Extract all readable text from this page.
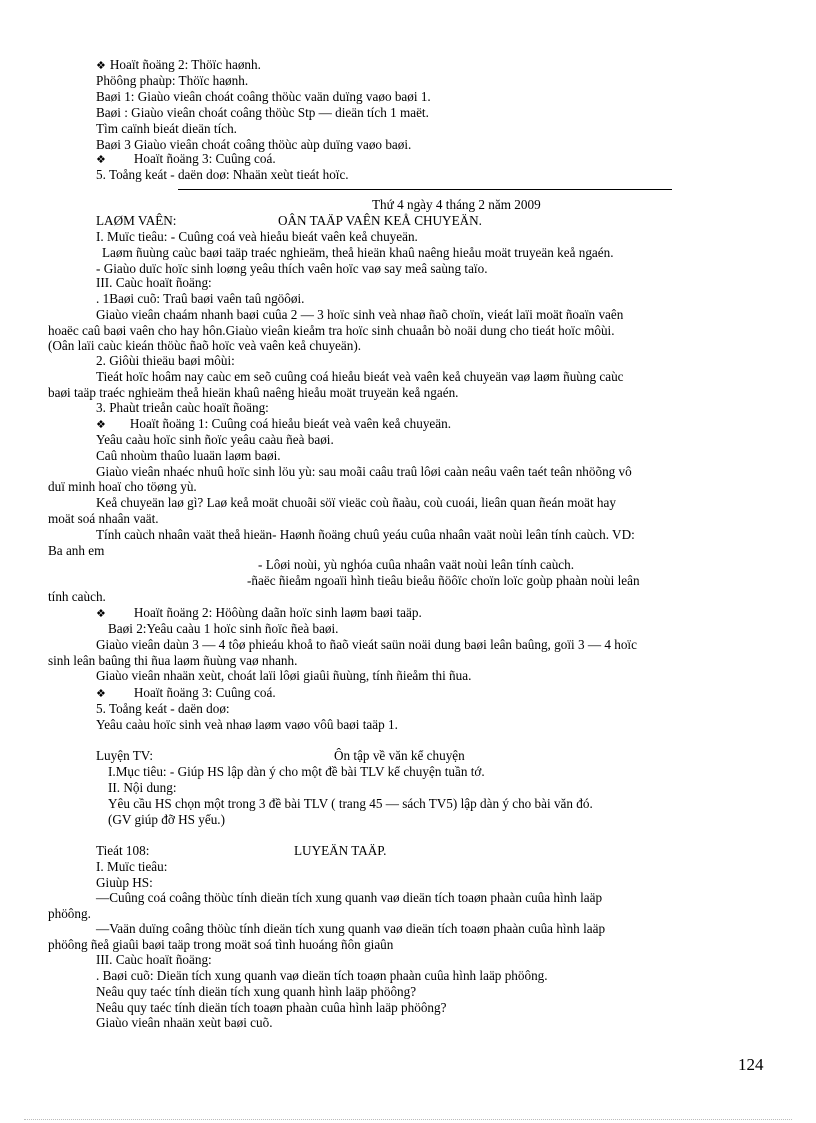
❖ Hoaït ñoäng 2: Thöïc haønh.
Phöông phaùp: Thöïc haønh.
Baøi 1: Giaùo vieân choát coâng thöùc vaän duïng vaøo baøi 1.
Baøi : Giaùo vieân choát coâng thöùc Stp — dieän tích 1 maët.
Tìm caïnh bieát dieän tích.
Baøi 3 Giaùo vieân choát coâng thöùc aùp duïng vaøo baøi.
❖ Hoaït ñoäng 3: Cuûng coá.
5. Toång keát - daën doø: Nhaän xeùt tieát hoïc.
Thứ 4 ngày 4 tháng 2 năm 2009
LAØM VAÊN:	OÂN TAÄP VAÊN KEÅ CHUYEÄN.
I. Muïc tieâu: - Cuûng coá veà hieåu bieát vaên keå chuyeän.
Laøm ñuùng caùc baøi taäp traéc nghieäm, theå hieän khaû naêng hieåu moät truyeän keå ngaén.
- Giaùo duïc hoïc sinh loøng yeâu thích vaên hoïc vaø say meâ saùng taïo.
III. Caùc hoaït ñoäng:
. 1Baøi cuõ: Traû baøi vaên taû ngöôøi.
Giaùo vieân chaám nhanh baøi cuûa 2 — 3 hoïc sinh veà nhaø ñaõ choïn, vieát laïi moät ñoaïn vaên
hoaëc caû baøi vaên cho hay hôn.Giaùo vieân kieåm tra hoïc sinh chuaån bò noäi dung cho tieát hoïc môùi.
(Oân laïi caùc kieán thöùc ñaõ hoïc veà vaên keå chuyeän).
2. Giôùi thieäu baøi môùi:
Tieát hoïc hoâm nay caùc em seõ cuûng coá hieåu bieát veà vaên keå chuyeän vaø laøm ñuùng caùc
baøi taäp traéc nghieäm theå hieän khaû naêng hieåu moät truyeän keå ngaén.
3. Phaùt trieån caùc hoaït ñoäng:
❖ Hoaït ñoäng 1: Cuûng coá hieåu bieát veà vaên keå chuyeän.
Yeâu caàu hoïc sinh ñoïc yeâu caàu ñeà baøi.
Caû nhoùm thaûo luaän laøm baøi.
Giaùo vieân nhaéc nhuû hoïc sinh löu yù: sau moãi caâu traû lôøi caàn neâu vaên taét teân nhöõng vô
duï minh hoaï cho töøng yù.
Keå chuyeän laø gì? Laø keå moät chuoãi söï vieäc coù ñaàu, coù cuoái, lieân quan ñeán moät hay
moät soá nhaân vaät.
Tính caùch nhaân vaät theå hieän- Haønh ñoäng chuû yeáu cuûa nhaân vaät noùi leân tính caùch. VD:
Ba anh em
- Lôøi noùi, yù nghóa cuûa nhaân vaät noùi leân tính caùch.
-ñaëc ñieåm ngoaïi hình tieâu bieåu ñöôïc choïn loïc goùp phaàn noùi leân
tính caùch.
❖ Hoaït ñoäng 2: Höôùng daãn hoïc sinh laøm baøi taäp.
Baøi 2:Yeâu caàu 1 hoïc sinh ñoïc ñeà baøi.
Giaùo vieân daùn 3 — 4 tôø phieáu khoå to ñaõ vieát saün noäi dung baøi leân baûng, goïi 3 — 4 hoïc
sinh leân baûng thi ñua laøm ñuùng vaø nhanh.
Giaùo vieân nhaän xeùt, choát laïi lôøi giaûi ñuùng, tính ñieåm thi ñua.
❖ Hoaït ñoäng 3: Cuûng coá.
5. Toång keát - daën doø:
Yeâu caàu hoïc sinh veà nhaø laøm vaøo vôû baøi taäp 1.
Luyện TV:	Ôn tập về văn kể chuyện
I.Mục tiêu: - Giúp HS lập dàn ý cho một đề bài TLV kể chuyện tuần tớ.
II. Nội dung:
Yêu cầu HS chọn một trong 3 đề bài TLV ( trang 45 — sách TV5) lập dàn ý cho bài văn đó.
(GV giúp đỡ HS yếu.)
Tieát 108:	LUYEÄN TAÄP.
I. Muïc tieâu:
Giuùp HS:
—Cuûng coá coâng thöùc tính dieän tích xung quanh vaø dieän tích toaøn phaàn cuûa hình laäp
phöông.
—Vaän duïng coâng thöùc tính dieän tích xung quanh vaø dieän tích toaøn phaàn cuûa hình laäp
phöông ñeå giaûi baøi taäp trong moät soá tình huoáng ñôn giaûn
III. Caùc hoaït ñoäng:
. Baøi cuõ: Dieän tích xung quanh vaø dieän tích toaøn phaàn cuûa hình laäp phöông.
Neâu quy taéc tính dieän tích xung quanh hình laäp phöông?
Neâu quy taéc tính dieän tích toaøn phaàn cuûa hình laäp phöông?
Giaùo vieân nhaän xeùt baøi cuõ.
124
